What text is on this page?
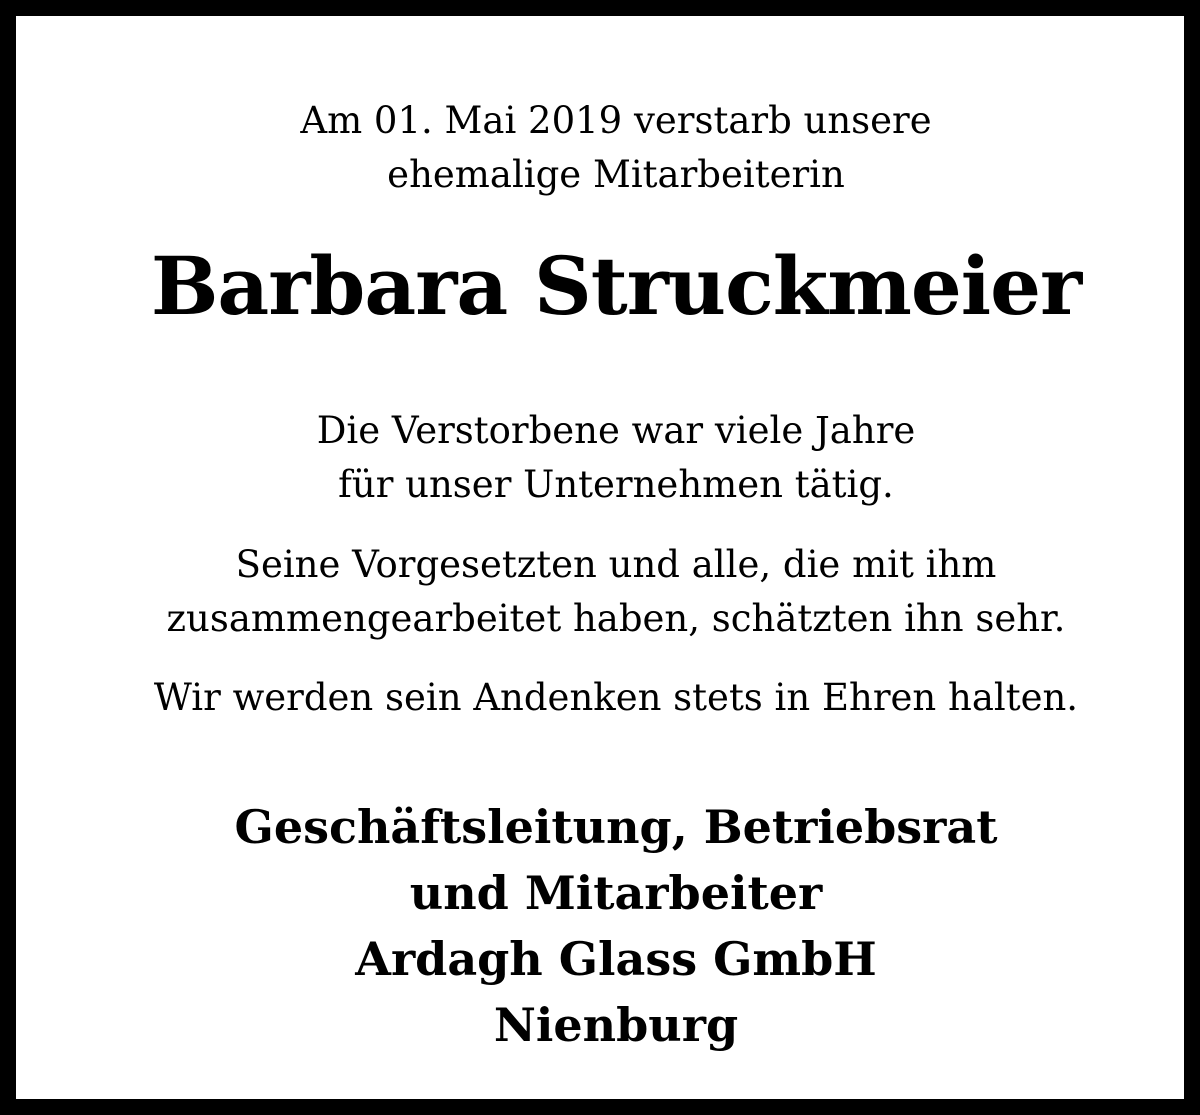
Am 01. Mai 2019 verstarb unsere

ehemalige Mitarbeiterin

Barbara Struckmeier

Die Verstorbene war viele Jahre

für unser Unternehmen tätig.

Seine Vorgesetzten und alle, die mit ihm

zusammengearbeitet haben, schätzten ihn sehr.

Wir werden sein Andenken stets in Ehren halten.

Geschäftsleitung, Betriebsrat

und Mitarbeiter

Ardagh Glass GmbH

Nienburg
